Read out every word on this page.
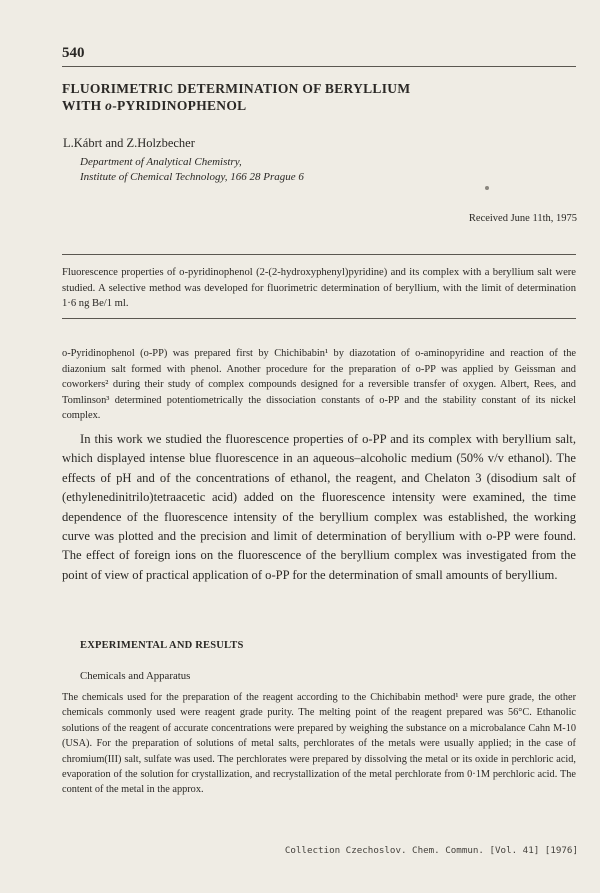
540
FLUORIMETRIC DETERMINATION OF BERYLLIUM
WITH o-PYRIDINOPHENOL
L.Kábrt and Z.Holzbecher
Department of Analytical Chemistry,
Institute of Chemical Technology, 166 28 Prague 6
Received June 11th, 1975
Fluorescence properties of o-pyridinophenol (2-(2-hydroxyphenyl)pyridine) and its complex with a beryllium salt were studied. A selective method was developed for fluorimetric determination of beryllium, with the limit of determination 1·6 ng Be/1 ml.
o-Pyridinophenol (o-PP) was prepared first by Chichibabin¹ by diazotation of o-aminopyridine and reaction of the diazonium salt formed with phenol. Another procedure for the preparation of o-PP was applied by Geissman and coworkers² during their study of complex compounds designed for a reversible transfer of oxygen. Albert, Rees, and Tomlinson³ determined potentiometrically the dissociation constants of o-PP and the stability constant of its nickel complex.
In this work we studied the fluorescence properties of o-PP and its complex with beryllium salt, which displayed intense blue fluorescence in an aqueous–alcoholic medium (50% v/v ethanol). The effects of pH and of the concentrations of ethanol, the reagent, and Chelaton 3 (disodium salt of (ethylenedinitrilo)tetraacetic acid) added on the fluorescence intensity were examined, the time dependence of the fluorescence intensity of the beryllium complex was established, the working curve was plotted and the precision and limit of determination of beryllium with o-PP were found. The effect of foreign ions on the fluorescence of the beryllium complex was investigated from the point of view of practical application of o-PP for the determination of small amounts of beryllium.
EXPERIMENTAL AND RESULTS
Chemicals and Apparatus
The chemicals used for the preparation of the reagent according to the Chichibabin method¹ were pure grade, the other chemicals commonly used were reagent grade purity. The melting point of the reagent prepared was 56°C. Ethanolic solutions of the reagent of accurate concentrations were prepared by weighing the substance on a microbalance Cahn M-10 (USA). For the preparation of solutions of metal salts, perchlorates of the metals were usually applied; in the case of chromium(III) salt, sulfate was used. The perchlorates were prepared by dissolving the metal or its oxide in perchloric acid, evaporation of the solution for crystallization, and recrystallization of the metal perchlorate from 0·1M perchloric acid. The content of the metal in the approx.
Collection Czechoslov. Chem. Commun. [Vol. 41] [1976]
